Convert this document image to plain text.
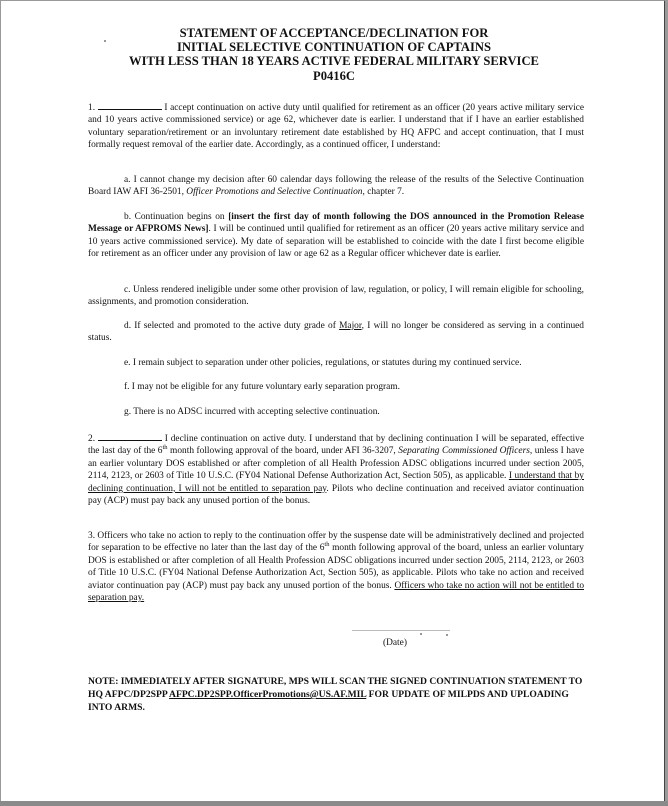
STATEMENT OF ACCEPTANCE/DECLINATION FOR
INITIAL SELECTIVE CONTINUATION OF CAPTAINS
WITH LESS THAN 18 YEARS ACTIVE FEDERAL MILITARY SERVICE
P0416C
1.	I accept continuation on active duty until qualified for retirement as an officer (20 years active military service and 10 years active commissioned service) or age 62, whichever date is earlier. I understand that if I have an earlier established voluntary separation/retirement or an involuntary retirement date established by HQ AFPC and accept continuation, that I must formally request removal of the earlier date. Accordingly, as a continued officer, I understand:
a. I cannot change my decision after 60 calendar days following the release of the results of the Selective Continuation Board IAW AFI 36-2501, Officer Promotions and Selective Continuation, chapter 7.
b. Continuation begins on [insert the first day of month following the DOS announced in the Promotion Release Message or AFPROMS News]. I will be continued until qualified for retirement as an officer (20 years active military service and 10 years active commissioned service). My date of separation will be established to coincide with the date I first become eligible for retirement as an officer under any provision of law or age 62 as a Regular officer whichever date is earlier.
c. Unless rendered ineligible under some other provision of law, regulation, or policy, I will remain eligible for schooling, assignments, and promotion consideration.
d. If selected and promoted to the active duty grade of Major, I will no longer be considered as serving in a continued status.
e. I remain subject to separation under other policies, regulations, or statutes during my continued service.
f. I may not be eligible for any future voluntary early separation program.
g. There is no ADSC incurred with accepting selective continuation.
2.	I decline continuation on active duty. I understand that by declining continuation I will be separated, effective the last day of the 6th month following approval of the board, under AFI 36-3207, Separating Commissioned Officers, unless I have an earlier voluntary DOS established or after completion of all Health Profession ADSC obligations incurred under section 2005, 2114, 2123, or 2603 of Title 10 U.S.C. (FY04 National Defense Authorization Act, Section 505), as applicable. I understand that by declining continuation, I will not be entitled to separation pay. Pilots who decline continuation and received aviator continuation pay (ACP) must pay back any unused portion of the bonus.
3. Officers who take no action to reply to the continuation offer by the suspense date will be administratively declined and projected for separation to be effective no later than the last day of the 6th month following approval of the board, unless an earlier voluntary DOS is established or after completion of all Health Profession ADSC obligations incurred under section 2005, 2114, 2123, or 2603 of Title 10 U.S.C. (FY04 National Defense Authorization Act, Section 505), as applicable. Pilots who take no action and received aviator continuation pay (ACP) must pay back any unused portion of the bonus. Officers who take no action will not be entitled to separation pay.
(Date)
NOTE: IMMEDIATELY AFTER SIGNATURE, MPS WILL SCAN THE SIGNED CONTINUATION STATEMENT TO HQ AFPC/DP2SPP AFPC.DP2SPP.OfficerPromotions@US.AF.MIL FOR UPDATE OF MILPDS AND UPLOADING INTO ARMS.
